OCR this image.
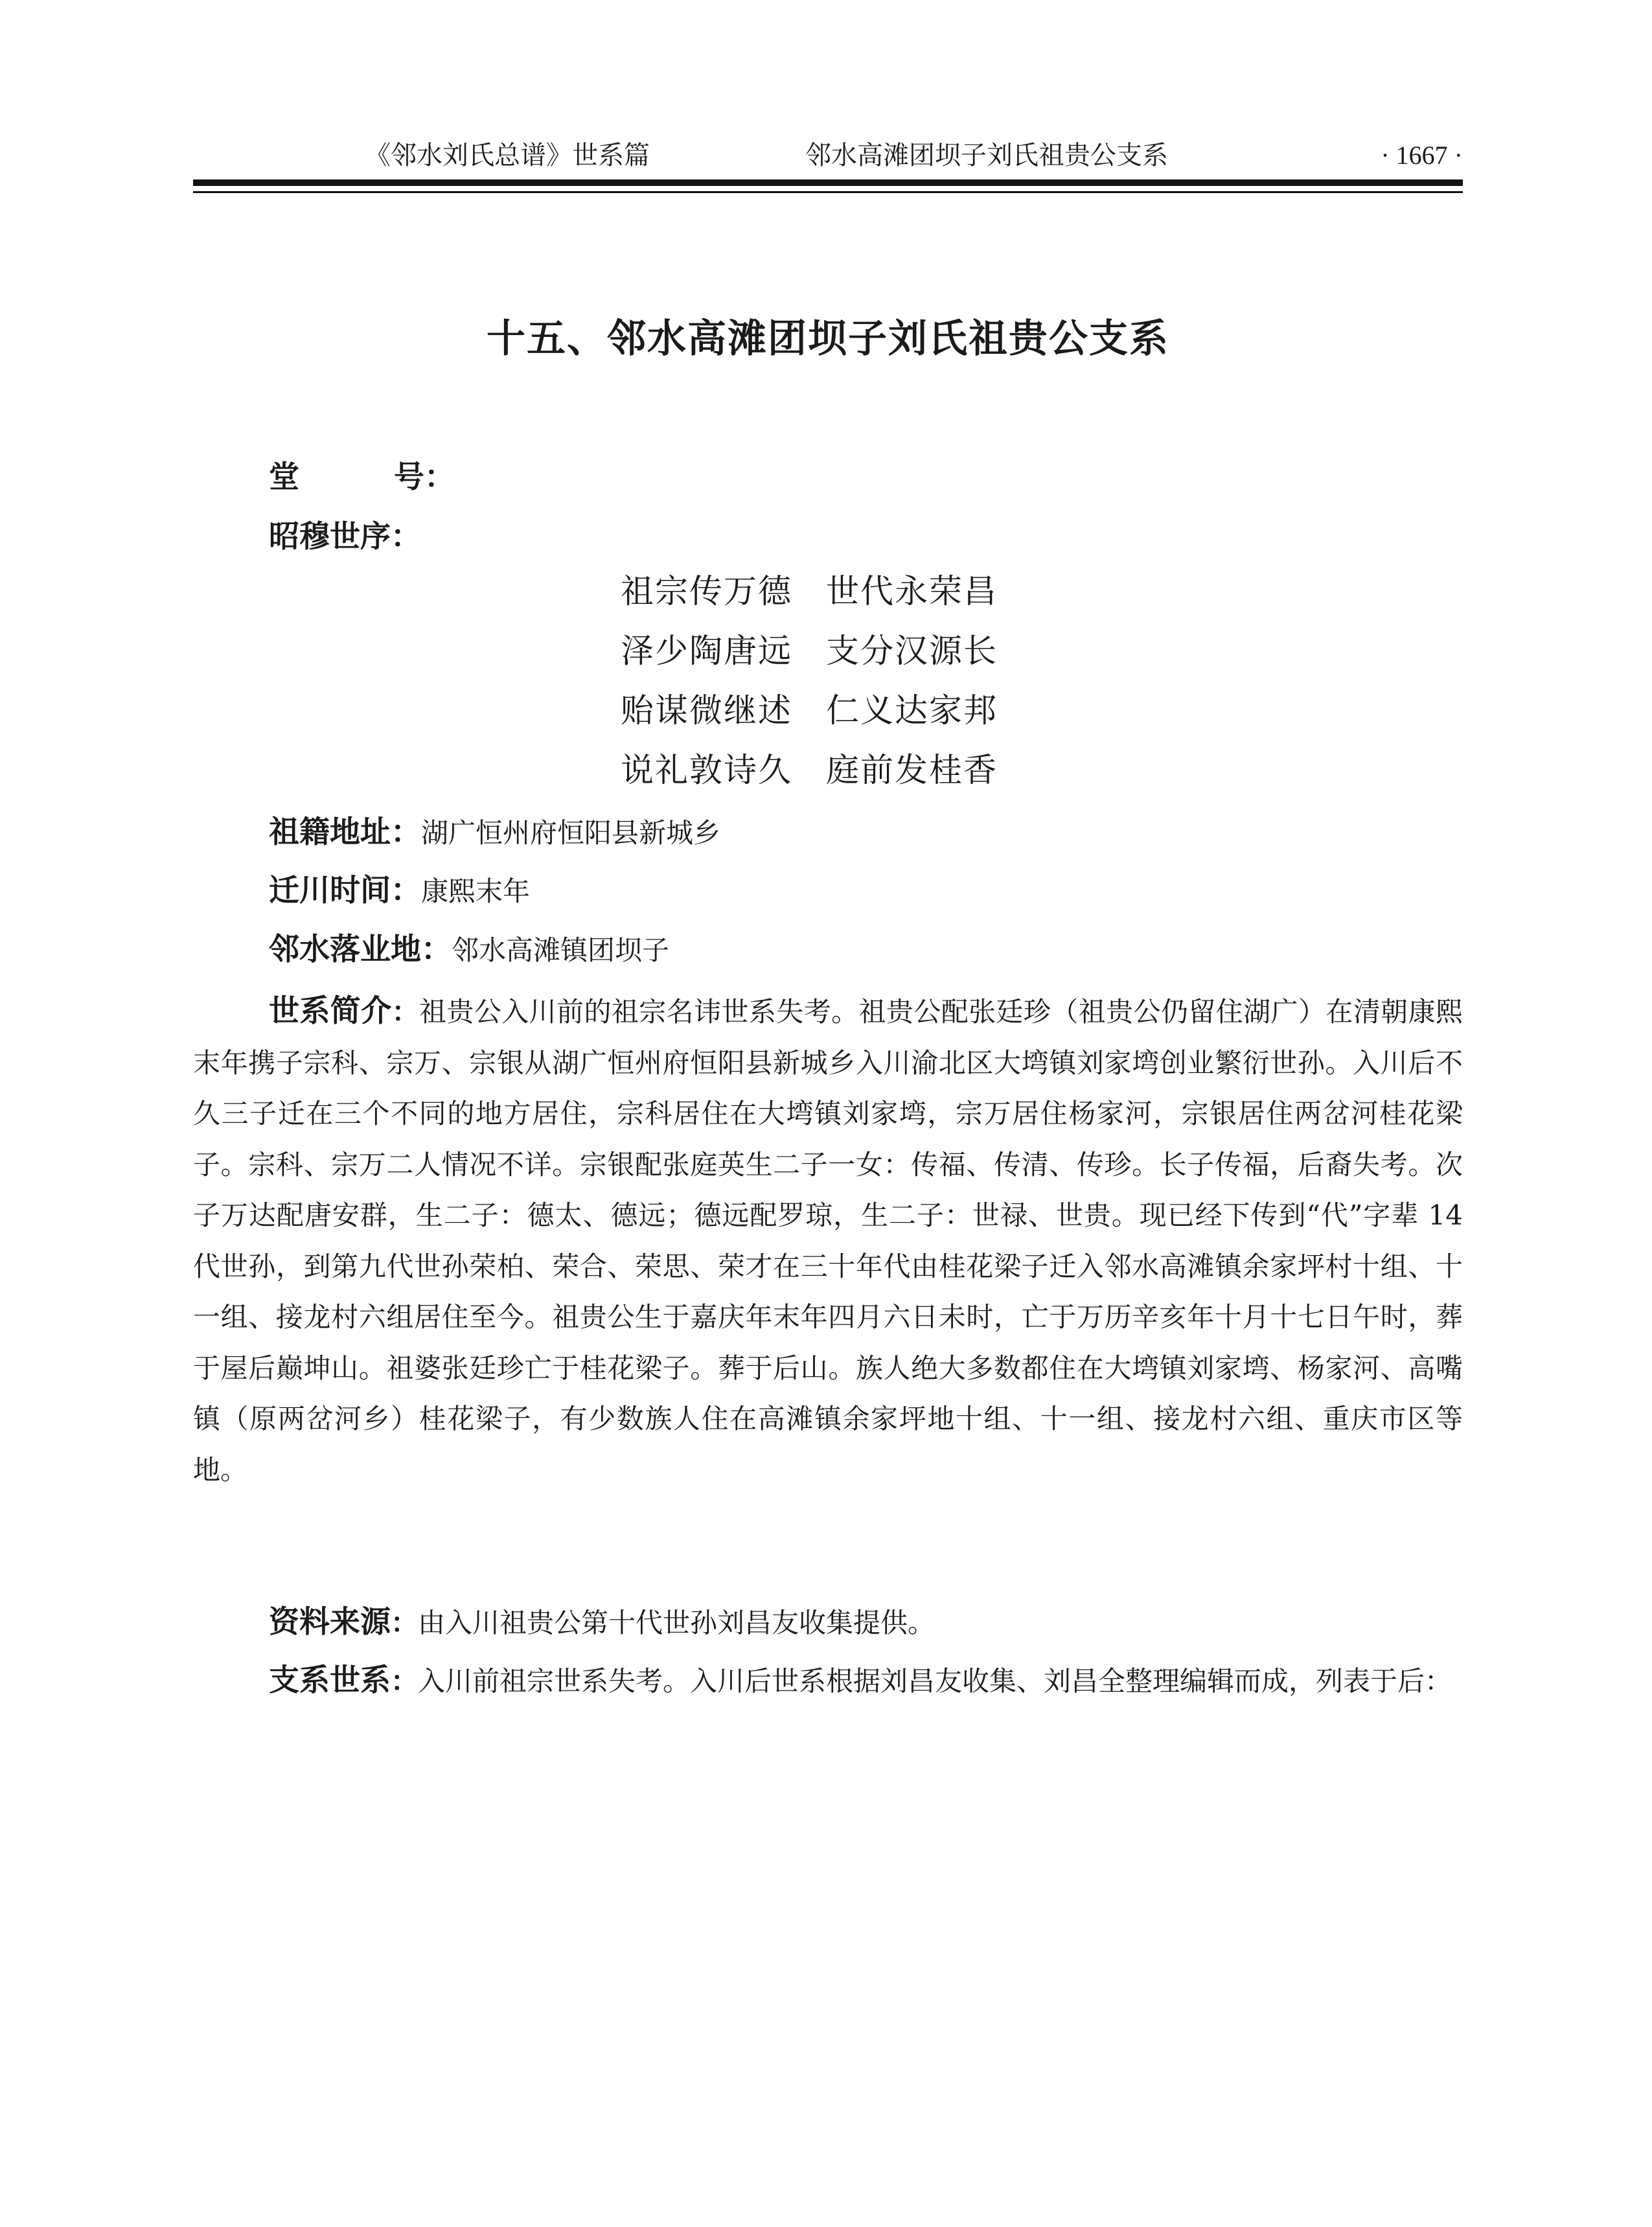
《邻水刘氏总谱》世系篇	邻水高滩团坝子刘氏祖贵公支系	· 1667 ·
十五、邻水高滩团坝子刘氏祖贵公支系
堂号：
昭穆世序：
祖宗传万德 世代永荣昌
泽少陶唐远 支分汉源长
贻谋微继述 仁义达家邦
说礼敦诗久 庭前发桂香
祖籍地址：湖广恒州府恒阳县新城乡
迁川时间：康熙末年
邻水落业地：邻水高滩镇团坝子
世系简介：祖贵公入川前的祖宗名讳世系失考。祖贵公配张廷珍（祖贵公仍留住湖广）在清朝康熙末年携子宗科、宗万、宗银从湖广恒州府恒阳县新城乡入川渝北区大塆镇刘家塆创业繁衍世孙。入川后不久三子迁在三个不同的地方居住，宗科居住在大塆镇刘家塆，宗万居住杨家河，宗银居住两岔河桂花梁子。宗科、宗万二人情况不详。宗银配张庭英生二子一女：传福、传清、传珍。长子传福，后裔失考。次子万达配唐安群，生二子：德太、德远；德远配罗琼，生二子：世禄、世贵。现已经下传到“代”字辈 14 代世孙，到第九代世孙荣柏、荣合、荣思、荣才在三十年代由桂花梁子迁入邻水高滩镇余家坪村十组、十一组、接龙村六组居住至今。祖贵公生于嘉庆年末年四月六日未时，亡于万历辛亥年十月十七日午时，葬于屋后巅坤山。祖婆张廷珍亡于桂花梁子。葬于后山。族人绝大多数都住在大塆镇刘家塆、杨家河、高嘴镇（原两岔河乡）桂花梁子，有少数族人住在高滩镇余家坪地十组、十一组、接龙村六组、重庆市区等地。
资料来源：由入川祖贵公第十代世孙刘昌友收集提供。
支系世系：入川前祖宗世系失考。入川后世系根据刘昌友收集、刘昌全整理编辑而成，列表于后：
